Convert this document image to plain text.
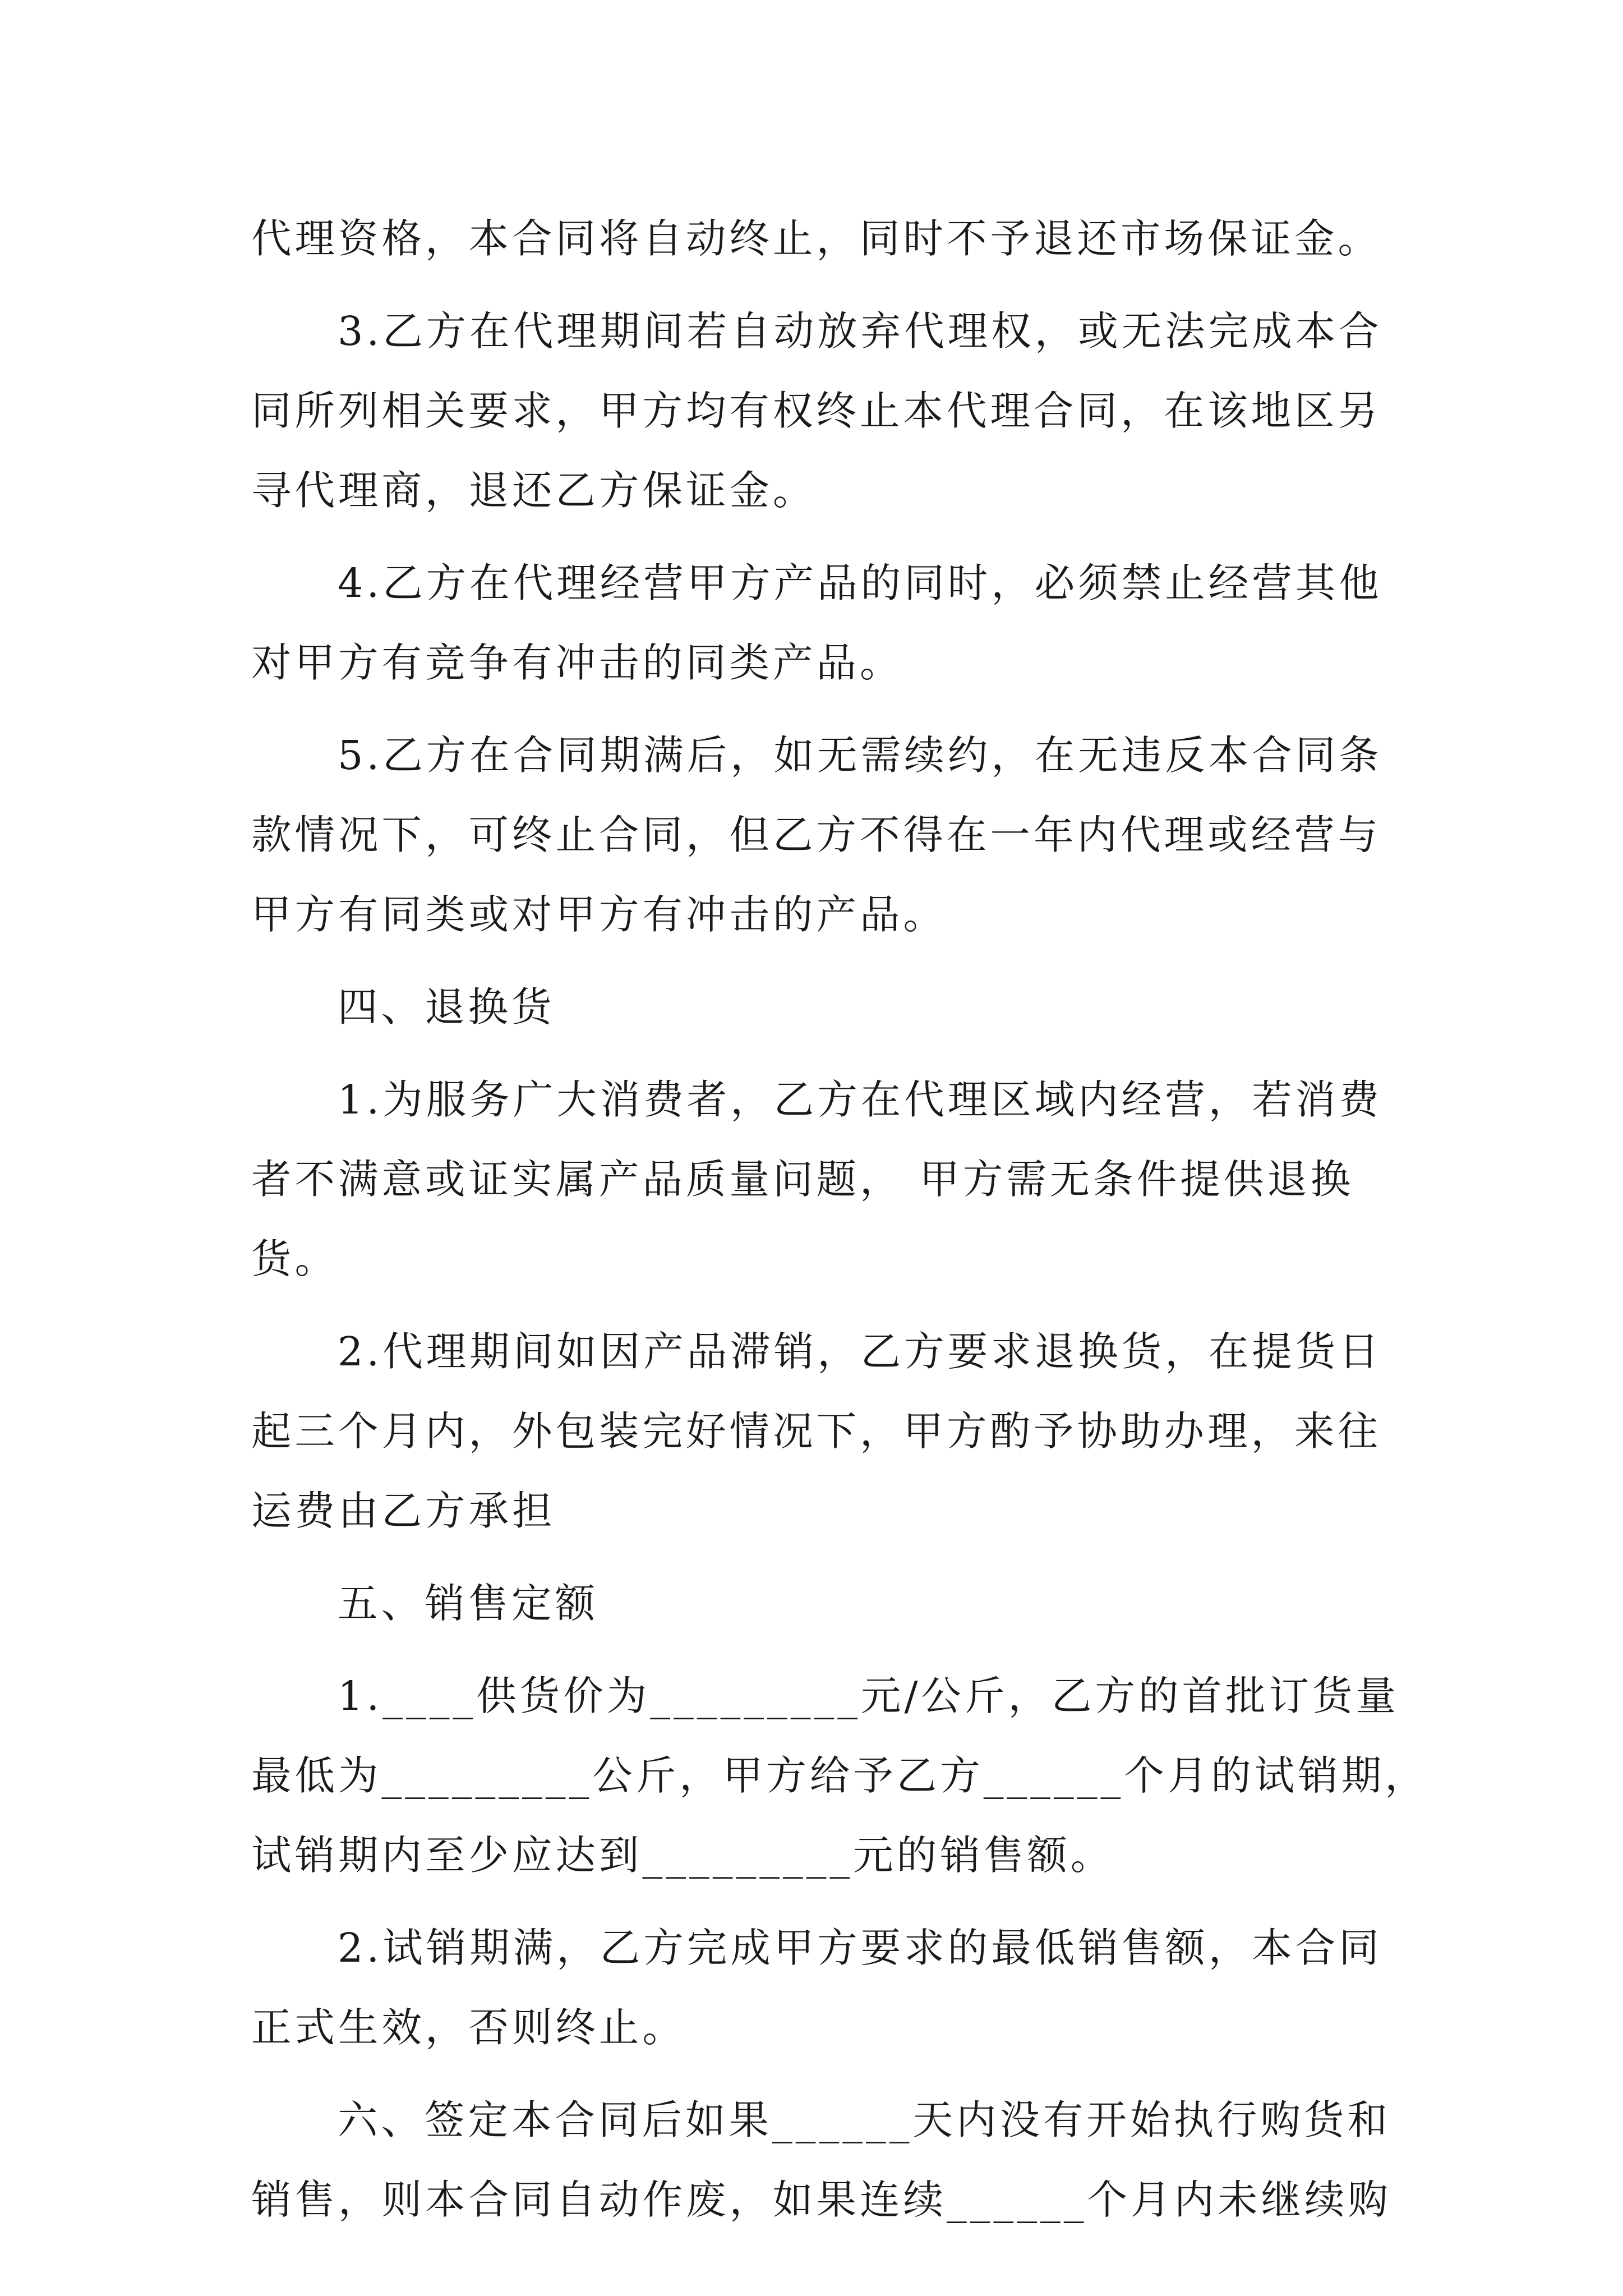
代理资格，本合同将自动终止，同时不予退还市场保证金。
3.乙方在代理期间若自动放弃代理权，或无法完成本合
同所列相关要求，甲方均有权终止本代理合同，在该地区另
寻代理商，退还乙方保证金。
4.乙方在代理经营甲方产品的同时，必须禁止经营其他
对甲方有竞争有冲击的同类产品。
5.乙方在合同期满后，如无需续约，在无违反本合同条
款情况下，可终止合同，但乙方不得在一年内代理或经营与
甲方有同类或对甲方有冲击的产品。
四、退换货
1.为服务广大消费者，乙方在代理区域内经营，若消费
者不满意或证实属产品质量问题， 甲方需无条件提供退换
货。
2.代理期间如因产品滞销，乙方要求退换货，在提货日
起三个月内，外包装完好情况下，甲方酌予协助办理，来往
运费由乙方承担
五、销售定额
1.____供货价为_________元/公斤，乙方的首批订货量
最低为_________公斤，甲方给予乙方______个月的试销期，
试销期内至少应达到_________元的销售额。
2.试销期满，乙方完成甲方要求的最低销售额，本合同
正式生效，否则终止。
六、签定本合同后如果______天内没有开始执行购货和
销售，则本合同自动作废，如果连续______个月内未继续购
